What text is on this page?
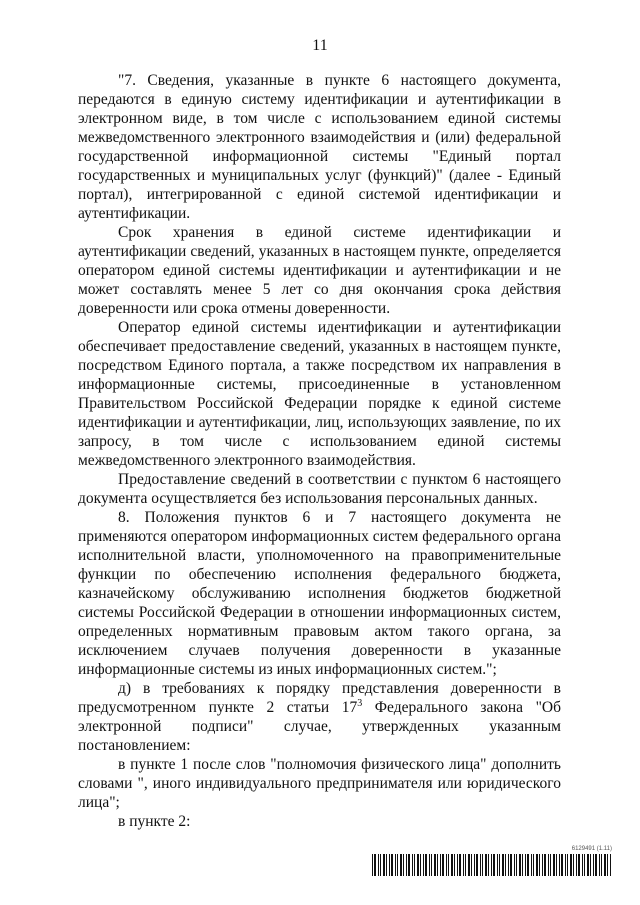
11

"7. Сведения, указанные в пункте 6 настоящего документа, передаются в единую систему идентификации и аутентификации в электронном виде, в том числе с использованием единой системы межведомственного электронного взаимодействия и (или) федеральной государственной информационной системы "Единый портал государственных и муниципальных услуг (функций)" (далее - Единый портал), интегрированной с единой системой идентификации и аутентификации.

Срок хранения в единой системе идентификации и аутентификации сведений, указанных в настоящем пункте, определяется оператором единой системы идентификации и аутентификации и не может составлять менее 5 лет со дня окончания срока действия доверенности или срока отмены доверенности.

Оператор единой системы идентификации и аутентификации обеспечивает предоставление сведений, указанных в настоящем пункте, посредством Единого портала, а также посредством их направления в информационные системы, присоединенные в установленном Правительством Российской Федерации порядке к единой системе идентификации и аутентификации, лиц, использующих заявление, по их запросу, в том числе с использованием единой системы межведомственного электронного взаимодействия.

Предоставление сведений в соответствии с пунктом 6 настоящего документа осуществляется без использования персональных данных.

8. Положения пунктов 6 и 7 настоящего документа не применяются оператором информационных систем федерального органа исполнительной власти, уполномоченного на правоприменительные функции по обеспечению исполнения федерального бюджета, казначейскому обслуживанию исполнения бюджетов бюджетной системы Российской Федерации в отношении информационных систем, определенных нормативным правовым актом такого органа, за исключением случаев получения доверенности в указанные информационные системы из иных информационных систем.";

д) в требованиях к порядку представления доверенности в предусмотренном пункте 2 статьи $17^3$ Федерального закона "Об электронной подписи" случае, утвержденных указанным постановлением:

в пункте 1 после слов "полномочия физического лица" дополнить словами ", иного индивидуального предпринимателя или юридического лица";

в пункте 2:

6129491 (1.11)
